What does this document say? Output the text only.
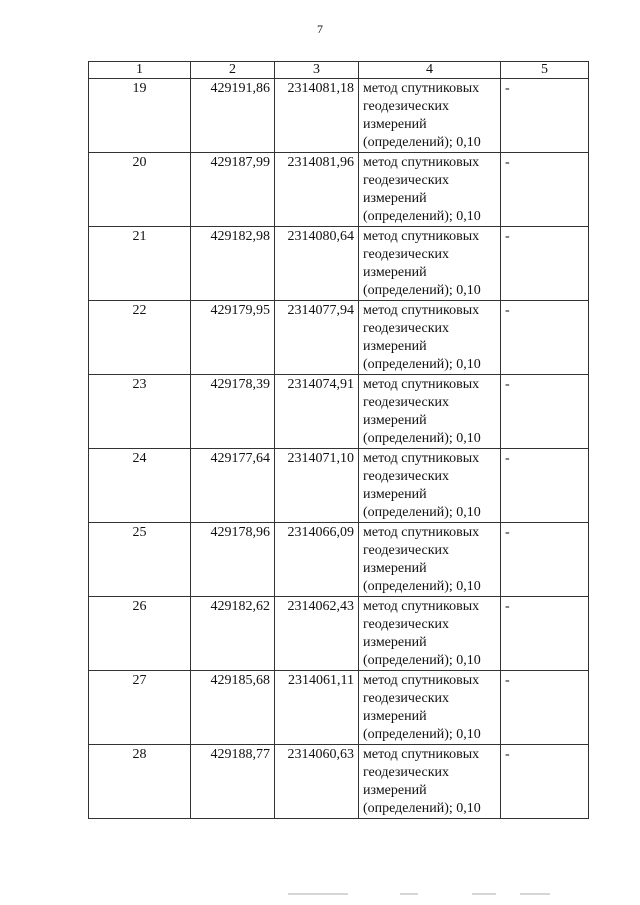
7
1	2	3	4	5
19	429191,86	2314081,18	метод спутниковых геодезических измерений (определений); 0,10	-
20	429187,99	2314081,96	метод спутниковых геодезических измерений (определений); 0,10	-
21	429182,98	2314080,64	метод спутниковых геодезических измерений (определений); 0,10	-
22	429179,95	2314077,94	метод спутниковых геодезических измерений (определений); 0,10	-
23	429178,39	2314074,91	метод спутниковых геодезических измерений (определений); 0,10	-
24	429177,64	2314071,10	метод спутниковых геодезических измерений (определений); 0,10	-
25	429178,96	2314066,09	метод спутниковых геодезических измерений (определений); 0,10	-
26	429182,62	2314062,43	метод спутниковых геодезических измерений (определений); 0,10	-
27	429185,68	2314061,11	метод спутниковых геодезических измерений (определений); 0,10	-
28	429188,77	2314060,63	метод спутниковых геодезических измерений (определений); 0,10	-
